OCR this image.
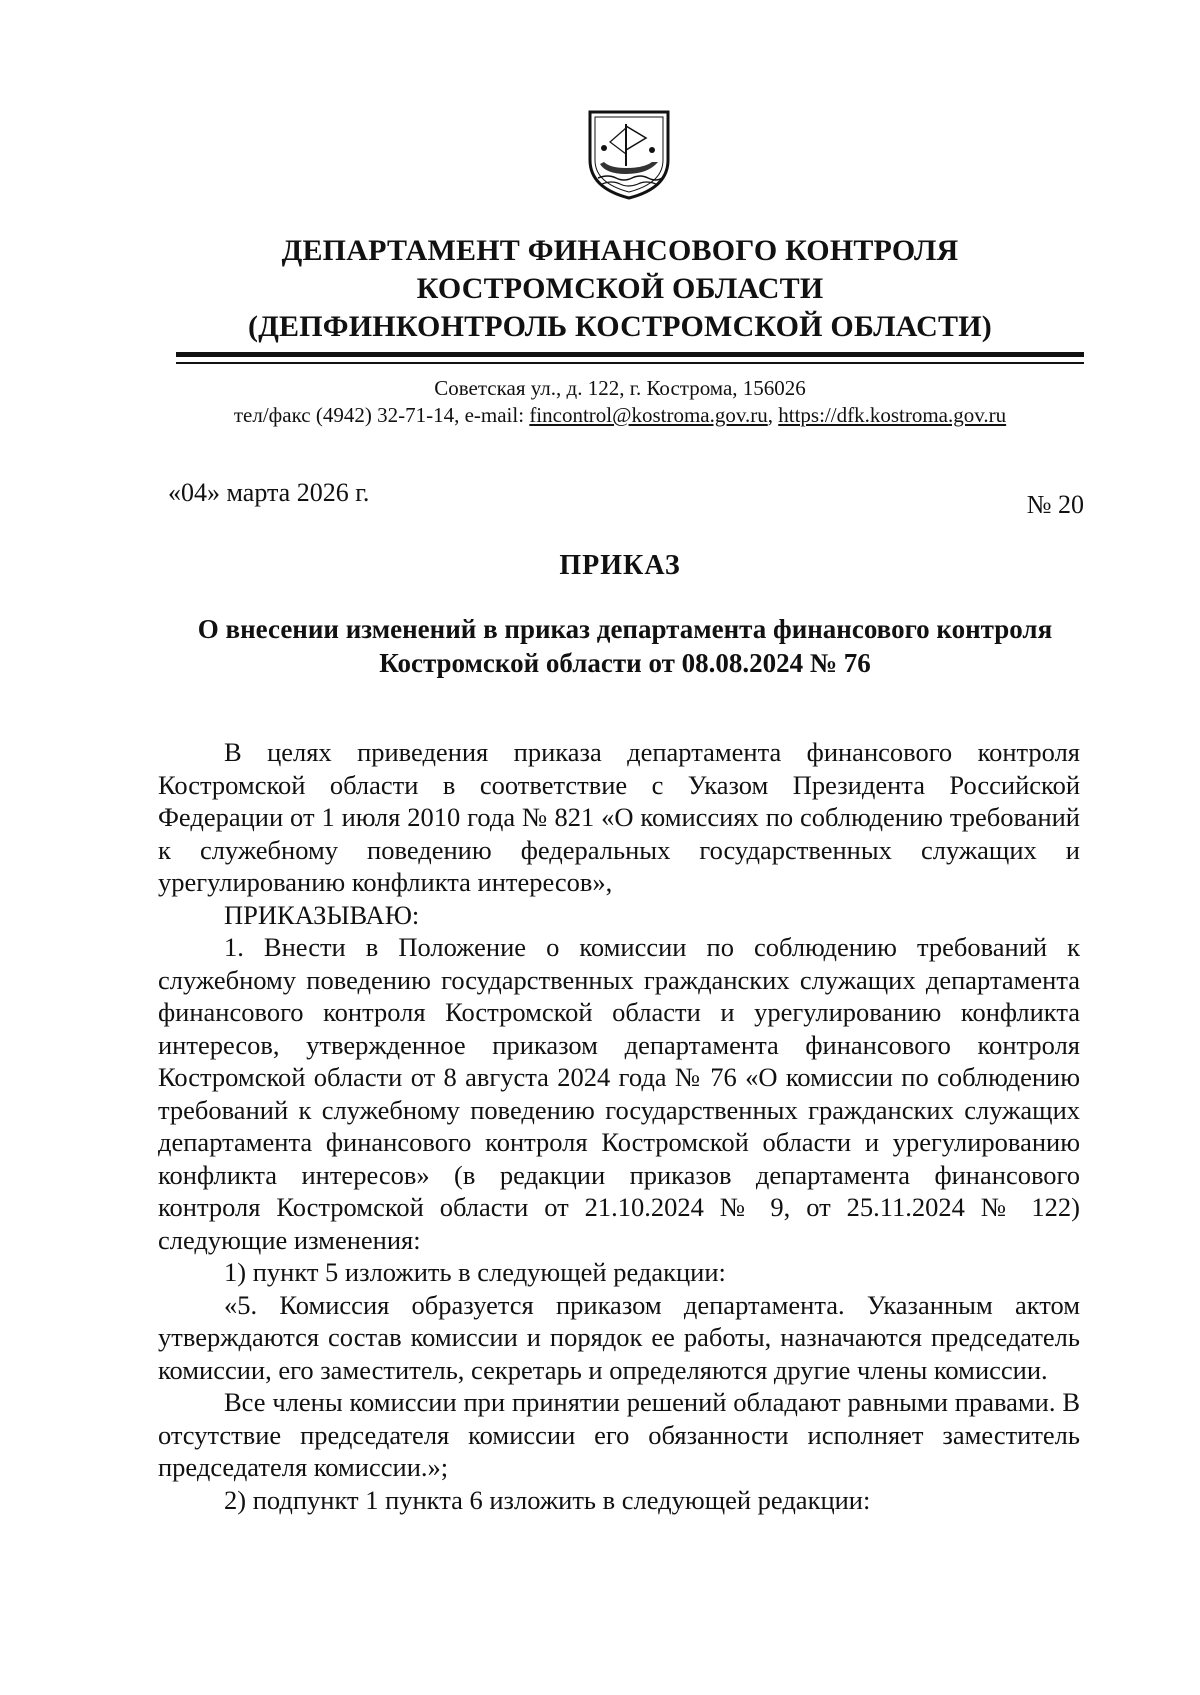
ДЕПАРТАМЕНТ ФИНАНСОВОГО КОНТРОЛЯ
КОСТРОМСКОЙ ОБЛАСТИ
(ДЕПФИНКОНТРОЛЬ КОСТРОМСКОЙ ОБЛАСТИ)
Советская ул., д. 122, г. Кострома, 156026
тел/факс (4942) 32-71-14, e-mail: fincontrol@kostroma.gov.ru, https://dfk.kostroma.gov.ru
«04» марта 2026 г.	№ 20
ПРИКАЗ
О внесении изменений в приказ департамента финансового контроля
Костромской области от 08.08.2024 № 76

В целях приведения приказа департамента финансового контроля Костромской области в соответствие с Указом Президента Российской Федерации от 1 июля 2010 года № 821 «О комиссиях по соблюдению требований к служебному поведению федеральных государственных служащих и урегулированию конфликта интересов»,

ПРИКАЗЫВАЮ:

1. Внести в Положение о комиссии по соблюдению требований к служебному поведению государственных гражданских служащих департамента финансового контроля Костромской области и урегулированию конфликта интересов, утвержденное приказом департамента финансового контроля Костромской области от 8 августа 2024 года № 76 «О комиссии по соблюдению требований к служебному поведению государственных гражданских служащих департамента финансового контроля Костромской области и урегулированию конфликта интересов» (в редакции приказов департамента финансового контроля Костромской области от 21.10.2024 № 9, от 25.11.2024 № 122) следующие изменения:

1) пункт 5 изложить в следующей редакции:

«5. Комиссия образуется приказом департамента. Указанным актом утверждаются состав комиссии и порядок ее работы, назначаются председатель комиссии, его заместитель, секретарь и определяются другие члены комиссии.

Все члены комиссии при принятии решений обладают равными правами. В отсутствие председателя комиссии его обязанности исполняет заместитель председателя комиссии.»;

2) подпункт 1 пункта 6 изложить в следующей редакции:
